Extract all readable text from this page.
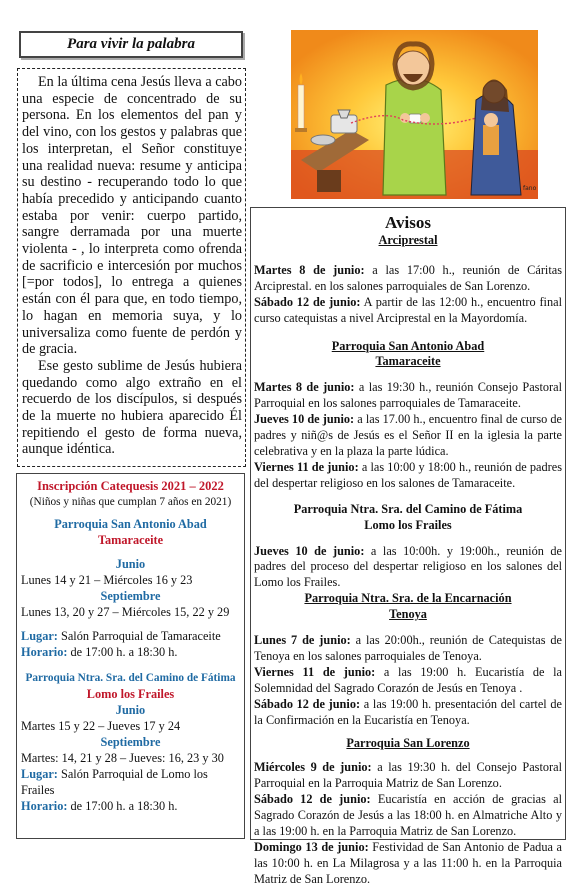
Para vivir la palabra

En la última cena Jesús lleva a cabo una especie de concentrado de su persona. En los elementos del pan y del vino, con los gestos y palabras que los interpretan, el Señor constituye una realidad nueva: resume y anticipa su destino - recuperando todo lo que había precedido y anticipando cuanto estaba por venir: cuerpo partido, sangre derramada por una muerte violenta - , lo interpreta como ofrenda de sacrificio e intercesión por muchos [=por todos], lo entrega a quienes están con él para que, en todo tiempo, lo hagan en memoria suya, y lo universaliza como fuente de perdón y de gracia.

Ese gesto sublime de Jesús hubiera quedando como algo extraño en el recuerdo de los discípulos, si después de la muerte no hubiera aparecido Él repitiendo el gesto de forma nueva, aunque idéntica.

Inscripción Catequesis 2021 – 2022
(Niños y niñas que cumplan 7 años en 2021)
Parroquia San Antonio Abad
Tamaraceite
Junio
Lunes 14 y 21 – Miércoles 16 y 23
Septiembre
Lunes 13, 20 y 27 – Miércoles 15, 22 y 29
Lugar: Salón Parroquial de Tamaraceite
Horario: de 17:00 h. a 18:30 h.
Parroquia Ntra. Sra. del Camino de Fátima
Lomo los Frailes
Junio
Martes 15 y 22 – Jueves 17 y 24
Septiembre
Martes: 14, 21 y 28 – Jueves: 16, 23 y 30
Lugar: Salón Parroquial de Lomo los Frailes
Horario: de 17:00 h. a 18:30 h.
fano
Avisos
Arciprestal

Martes 8 de junio: a las 17:00 h., reunión de Cáritas Arciprestal. en los salones parroquiales de San Lorenzo.

Sábado 12 de junio: A partir de las 12:00 h., encuentro final curso catequistas a nivel Arciprestal en la Mayordomía.

Parroquia San Antonio Abad
Tamaraceite

Martes 8 de junio: a las 19:30 h., reunión Consejo Pastoral Parroquial en los salones parroquiales de Tamaraceite.

Jueves 10 de junio: a las 17.00 h., encuentro final de curso de padres y niñ@s de Jesús es el Señor II en la iglesia la parte celebrativa y en la plaza la parte lúdica.

Viernes 11 de junio: a las 10:00 y 18:00 h., reunión de padres del despertar religioso en los salones de Tamaraceite.

Parroquia Ntra. Sra. del Camino de Fátima
Lomo los Frailes

Jueves 10 de junio: a las 10:00h. y 19:00h., reunión de padres del proceso del despertar religioso en los salones del Lomo los Frailes.

Parroquia Ntra. Sra. de la Encarnación
Tenoya

Lunes 7 de junio: a las 20:00h., reunión de Catequistas de Tenoya en los salones parroquiales de Tenoya.

Viernes 11 de junio: a las 19:00 h. Eucaristía de la Solemnidad del Sagrado Corazón de Jesús en Tenoya .

Sábado 12 de junio: a las 19:00 h. presentación del cartel de la Confirmación en la Eucaristía en Tenoya.

Parroquia San Lorenzo

Miércoles 9 de junio: a las 19:30 h. del Consejo Pastoral Parroquial en la Parroquia Matriz de San Lorenzo.

Sábado 12 de junio: Eucaristía en acción de gracias al Sagrado Corazón de Jesús a las 18:00 h. en Almatriche Alto y a las 19:00 h. en la Parroquia Matriz de San Lorenzo.

Domingo 13 de junio: Festividad de San Antonio de Padua a las 10:00 h. en La Milagrosa y a las 11:00 h. en la Parroquia Matriz de San Lorenzo.
